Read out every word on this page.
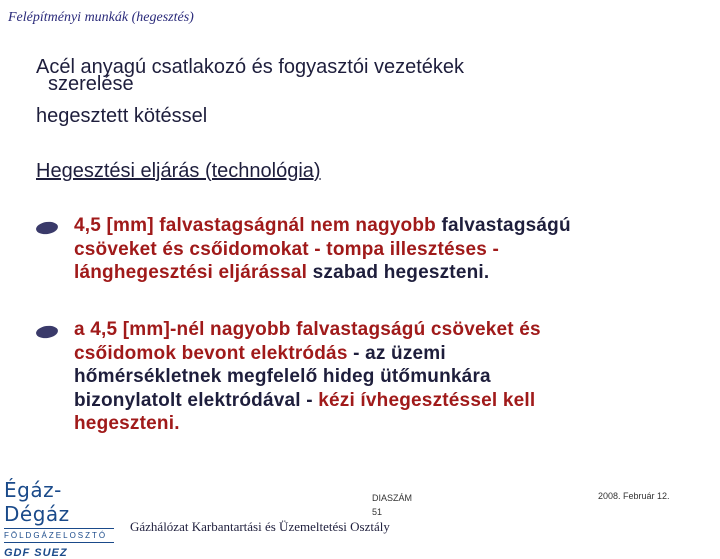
Felépítményi munkák (hegesztés)
Acél anyagú csatlakozó és fogyasztói vezetékek
szerelése
hegesztett kötéssel
Hegesztési eljárás (technológia)
4,5 [mm] falvastagságnál nem nagyobb falvastagságú
csöveket és csőidomokat - tompa illesztéses -
lánghegesztési eljárással szabad hegeszteni.
a 4,5 [mm]-nél nagyobb falvastagságú csöveket és
csőidomok bevont elektródás - az üzemi
hőmérsékletnek megfelelő hideg ütőmunkára
bizonylatolt elektródával - kézi ívhegesztéssel kell
hegeszteni.
Égáz-Dégáz
FÖLDGÁZELOSZTÓ
GDF SUEZ
DIASZÁM
51
2008. Február 12.
Gázhálózat Karbantartási és Üzemeltetési Osztály
